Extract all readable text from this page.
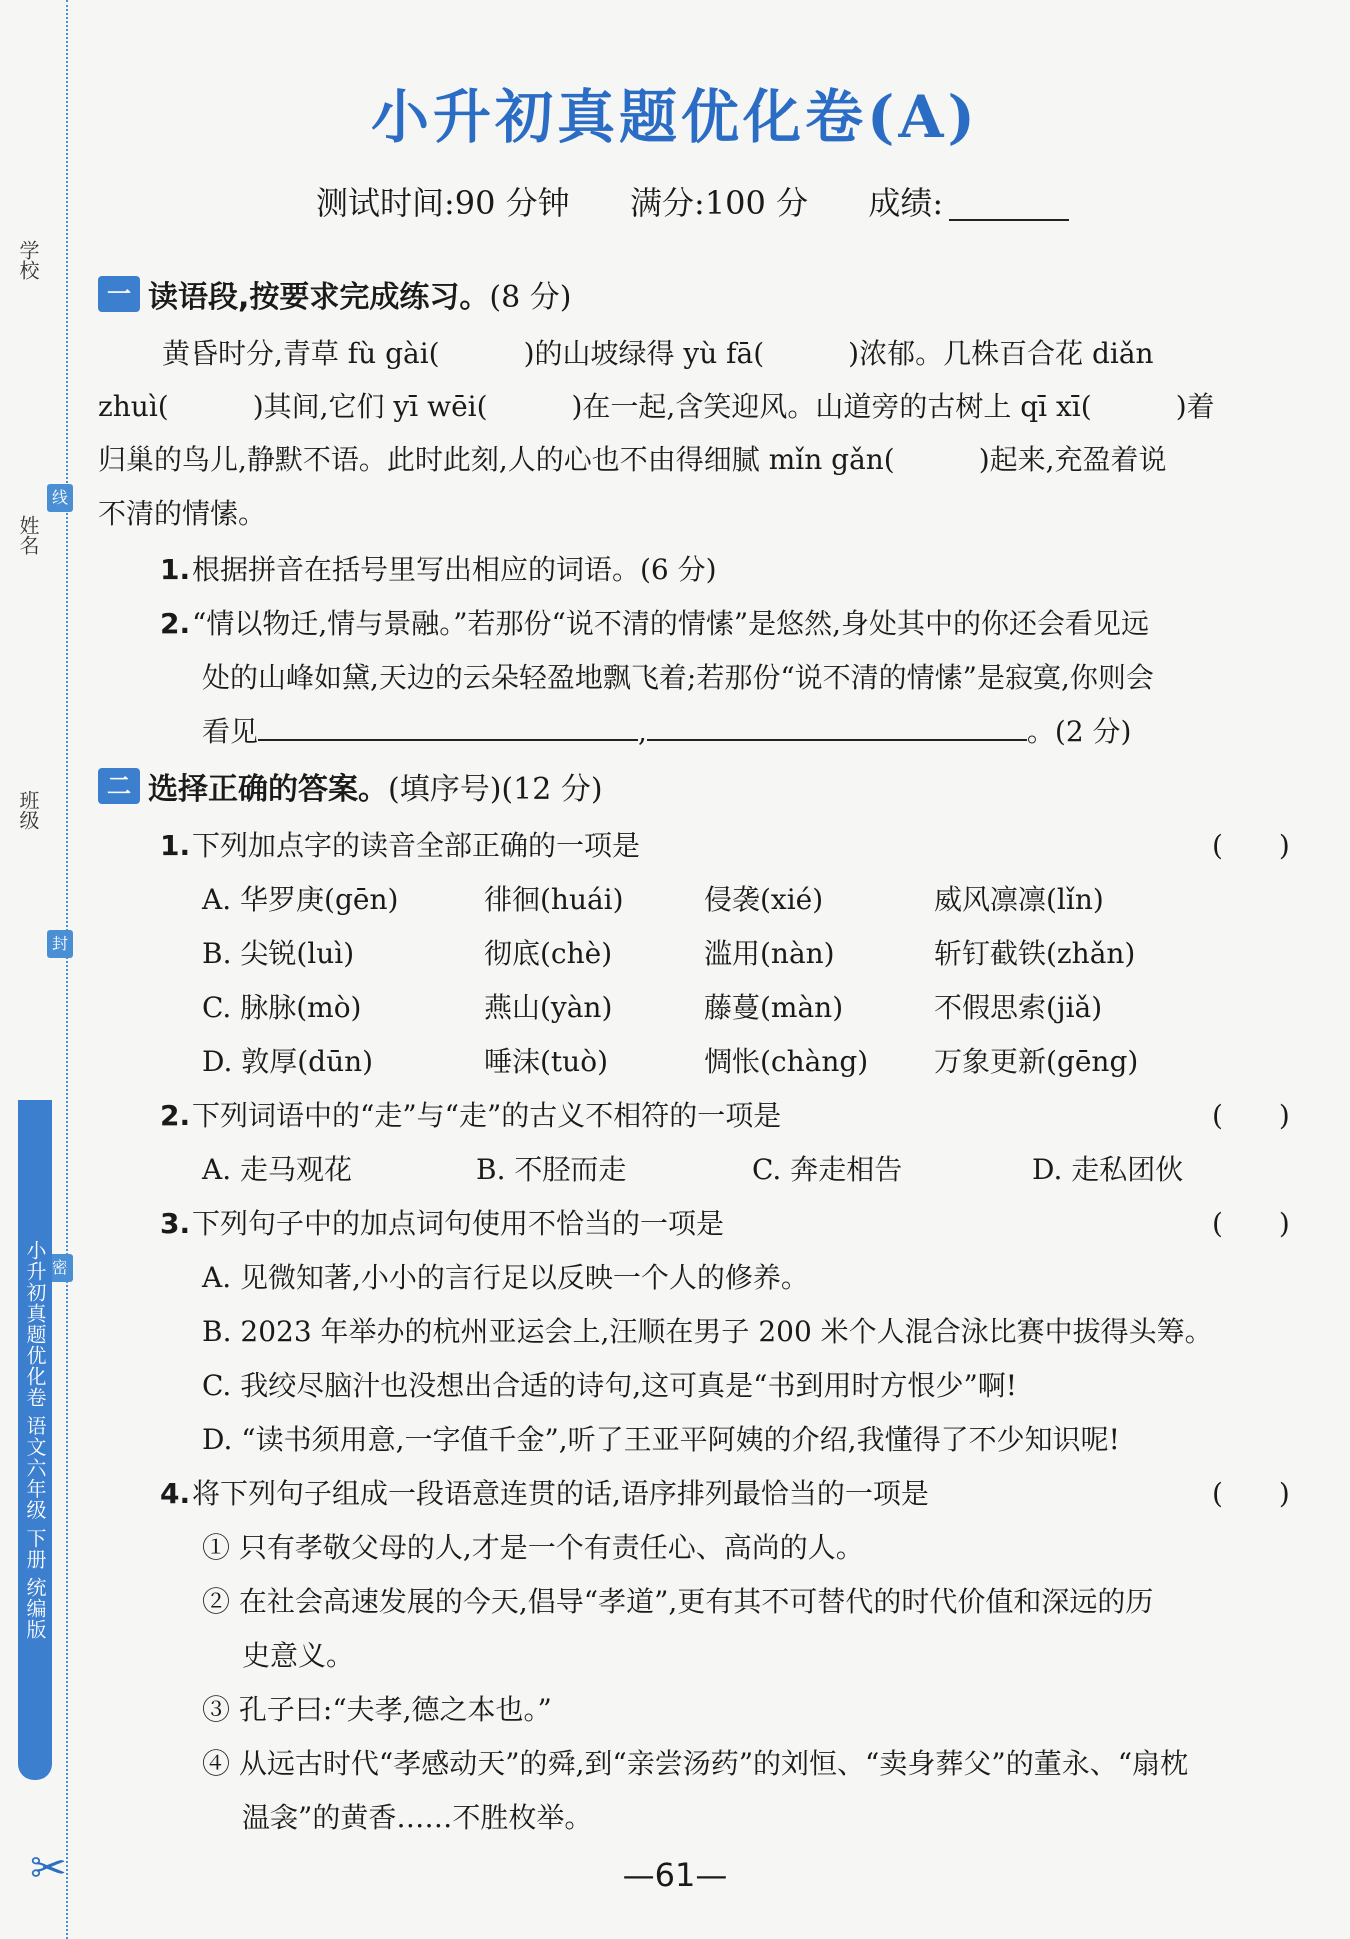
学校
姓名
班级
线
封
密
小升初真题优化卷 语文六年级 下册 统编版
✂
小升初真题优化卷(A)
测试时间:90 分钟 满分:100 分 成绩:
一 读语段,按要求完成练习。(8 分)
黄昏时分,青草 fù gài(　　　)的山坡绿得 yù fā(　　　)浓郁。几株百合花 diǎn
zhuì(　　　)其间,它们 yī wēi(　　　)在一起,含笑迎风。山道旁的古树上 qī xī(　　　)着
归巢的鸟儿,静默不语。此时此刻,人的心也不由得细腻 mǐn gǎn(　　　)起来,充盈着说
不清的情愫。
1.根据拼音在括号里写出相应的词语。(6 分)
2.“情以物迁,情与景融。”若那份“说不清的情愫”是悠然,身处其中的你还会看见远
处的山峰如黛,天边的云朵轻盈地飘飞着;若那份“说不清的情愫”是寂寞,你则会
看见	,	。(2 分)
二 选择正确的答案。(填序号)(12 分)
1.下列加点字的读音全部正确的一项是	(　　)
A. 华罗庚(gēn)	徘徊(huái)	侵袭(xié)	威风凛凛(lǐn)
B. 尖锐(luì)	彻底(chè)	滥用(nàn)	斩钉截铁(zhǎn)
C. 脉脉(mò)	燕山(yàn)	藤蔓(màn)	不假思索(jiǎ)
D. 敦厚(dūn)	唾沫(tuò)	惆怅(chàng) 万象更新(gēng)
2.下列词语中的“走”与“走”的古义不相符的一项是	(　　)
A. 走马观花	B. 不胫而走	C. 奔走相告	D. 走私团伙
3.下列句子中的加点词句使用不恰当的一项是	(　　)
A. 见微知著,小小的言行足以反映一个人的修养。
B. 2023 年举办的杭州亚运会上,汪顺在男子 200 米个人混合泳比赛中拔得头筹。
C. 我绞尽脑汁也没想出合适的诗句,这可真是“书到用时方恨少”啊!
D. “读书须用意,一字值千金”,听了王亚平阿姨的介绍,我懂得了不少知识呢!
4.将下列句子组成一段语意连贯的话,语序排列最恰当的一项是	(　　)
① 只有孝敬父母的人,才是一个有责任心、高尚的人。
② 在社会高速发展的今天,倡导“孝道”,更有其不可替代的时代价值和深远的历
史意义。
③ 孔子曰:“夫孝,德之本也。”
④ 从远古时代“孝感动天”的舜,到“亲尝汤药”的刘恒、“卖身葬父”的董永、“扇枕
温衾”的黄香……不胜枚举。
—61—
